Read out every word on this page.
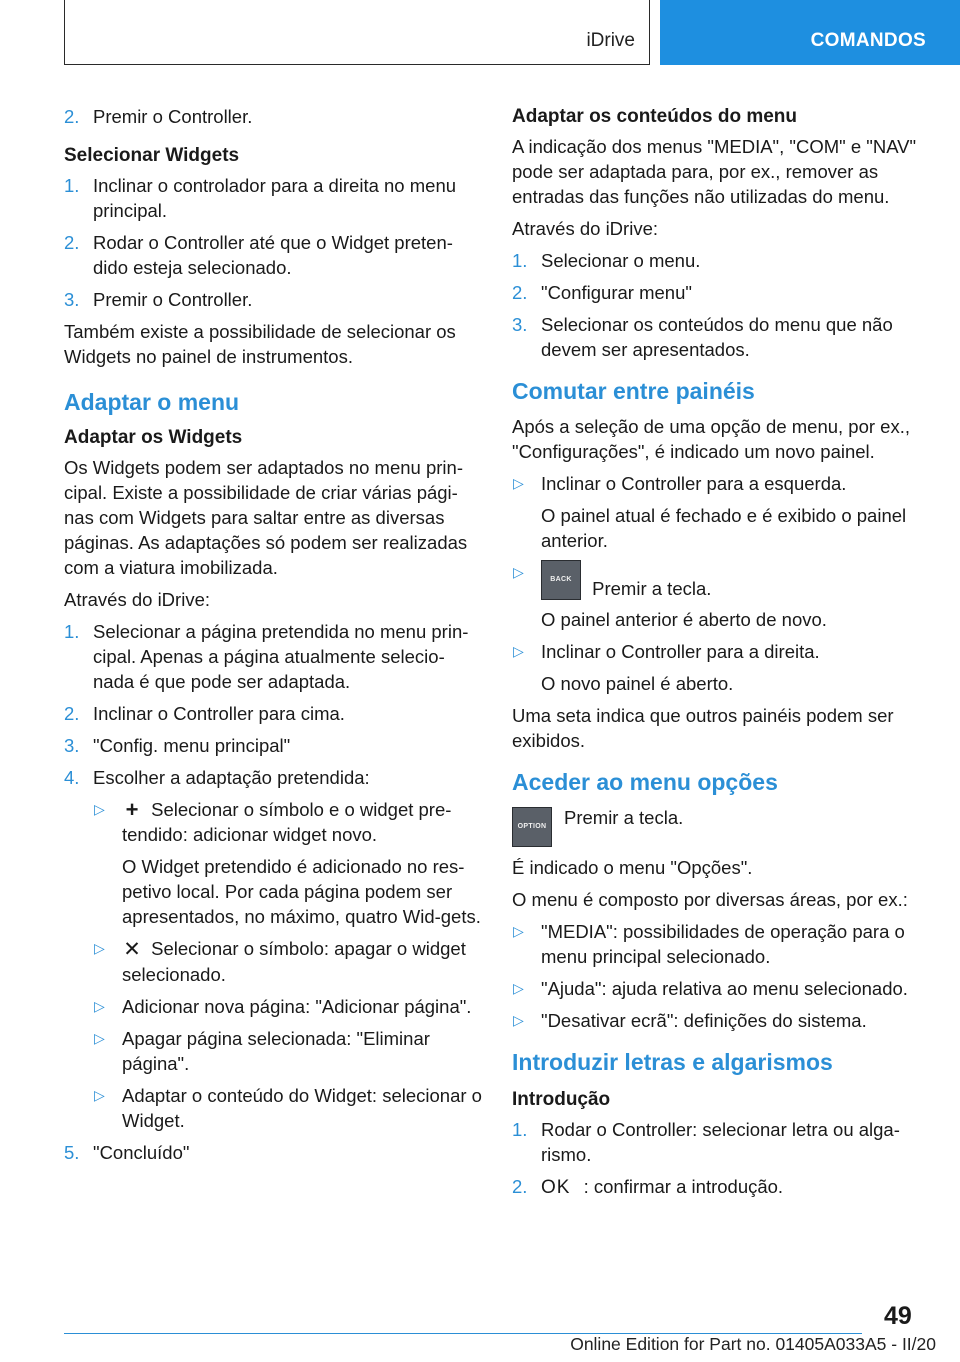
iDrive	COMANDOS
2. Premir o Controller.
Selecionar Widgets
1. Inclinar o controlador para a direita no menu principal.
2. Rodar o Controller até que o Widget preten‐dido esteja selecionado.
3. Premir o Controller.

Também existe a possibilidade de selecionar os Widgets no painel de instrumentos.

Adaptar o menu
Adaptar os Widgets

Os Widgets podem ser adaptados no menu prin‐cipal. Existe a possibilidade de criar várias pági‐nas com Widgets para saltar entre as diversas páginas. As adaptações só podem ser realizadas com a viatura imobilizada.

Através do iDrive:

1. Selecionar a página pretendida no menu prin‐cipal. Apenas a página atualmente selecio‐nada é que pode ser adaptada.
2. Inclinar o Controller para cima.
3. "Config. menu principal"
4. Escolher a adaptação pretendida:
▷ + Selecionar o símbolo e o widget pre‐tendido: adicionar widget novo.
O Widget pretendido é adicionado no res‐petivo local. Por cada página podem ser apresentados, no máximo, quatro Wid‐gets.
▷ ✕ Selecionar o símbolo: apagar o widget selecionado.
▷ Adicionar nova página: "Adicionar página".
▷ Apagar página selecionada: "Eliminar página".
▷ Adaptar o conteúdo do Widget: selecionar o Widget.
5. "Concluído"
Adaptar os conteúdos do menu

A indicação dos menus "MEDIA", "COM" e "NAV" pode ser adaptada para, por ex., remover as entradas das funções não utilizadas do menu.

Através do iDrive:

1. Selecionar o menu.
2. "Configurar menu"
3. Selecionar os conteúdos do menu que não devem ser apresentados.
Comutar entre painéis

Após a seleção de uma opção de menu, por ex., "Configurações", é indicado um novo painel.

▷ Inclinar o Controller para a esquerda.
O painel atual é fechado e é exibido o painel anterior.
▷	BACK Premir a tecla.
O painel anterior é aberto de novo.
▷ Inclinar o Controller para a direita.
O novo painel é aberto.

Uma seta indica que outros painéis podem ser exibidos.

Aceder ao menu opções
OPTION Premir a tecla.

É indicado o menu "Opções".

O menu é composto por diversas áreas, por ex.:

▷ "MEDIA": possibilidades de operação para o menu principal selecionado.
▷ "Ajuda": ajuda relativa ao menu selecionado.
▷ "Desativar ecrã": definições do sistema.
Introduzir letras e algarismos
Introdução
1. Rodar o Controller: selecionar letra ou alga‐rismo.
2. OK : confirmar a introdução.
49
Online Edition for Part no. 01405A033A5 - II/20
